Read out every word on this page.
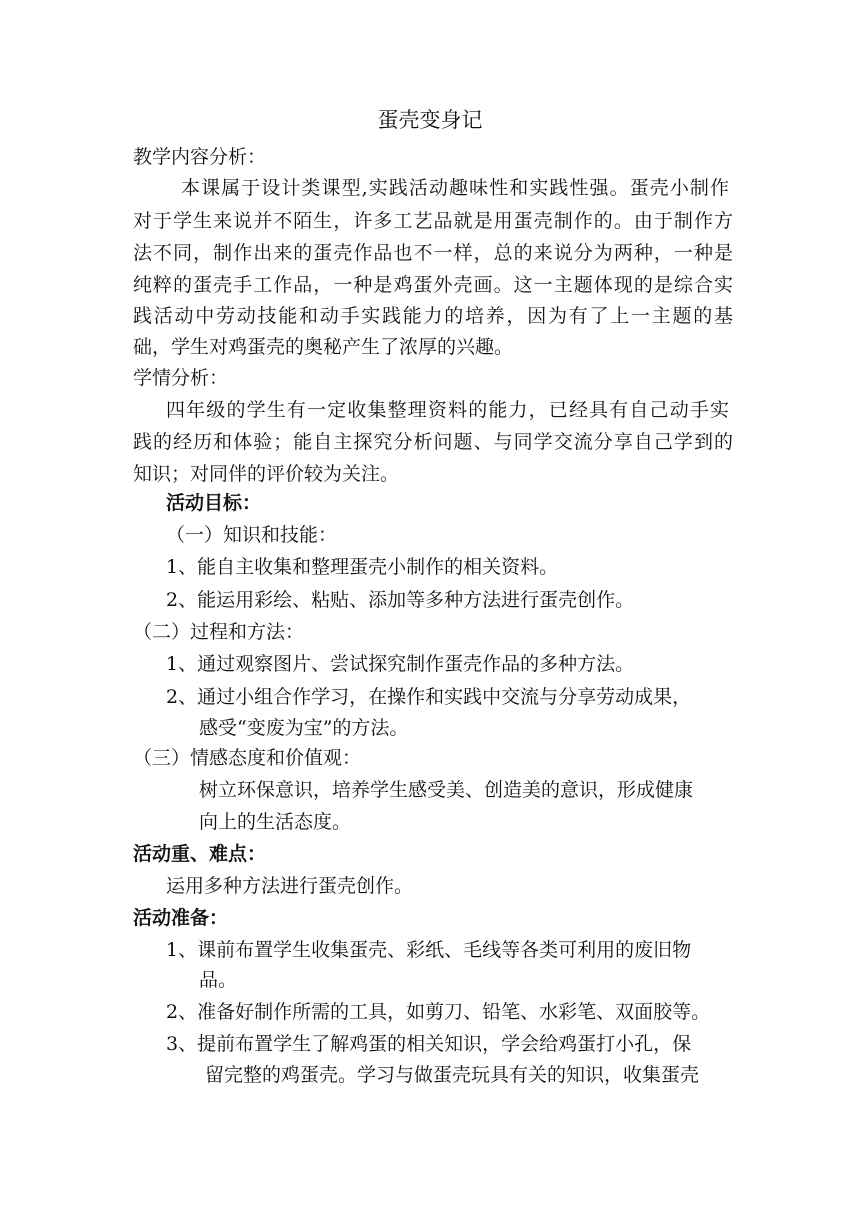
蛋壳变身记
教学内容分析：
本课属于设计类课型,实践活动趣味性和实践性强。蛋壳小制作
对于学生来说并不陌生，许多工艺品就是用蛋壳制作的。由于制作方
法不同，制作出来的蛋壳作品也不一样，总的来说分为两种，一种是
纯粹的蛋壳手工作品，一种是鸡蛋外壳画。这一主题体现的是综合实
践活动中劳动技能和动手实践能力的培养，因为有了上一主题的基
础，学生对鸡蛋壳的奥秘产生了浓厚的兴趣。
学情分析：
四年级的学生有一定收集整理资料的能力，已经具有自己动手实
践的经历和体验；能自主探究分析问题、与同学交流分享自己学到的
知识；对同伴的评价较为关注。
活动目标：
（一）知识和技能：
1、能自主收集和整理蛋壳小制作的相关资料。
2、能运用彩绘、粘贴、添加等多种方法进行蛋壳创作。
（二）过程和方法：
1、通过观察图片、尝试探究制作蛋壳作品的多种方法。
2、通过小组合作学习，在操作和实践中交流与分享劳动成果，
感受“变废为宝”的方法。
（三）情感态度和价值观：
树立环保意识，培养学生感受美、创造美的意识，形成健康
向上的生活态度。
活动重、难点：
运用多种方法进行蛋壳创作。
活动准备：
1、课前布置学生收集蛋壳、彩纸、毛线等各类可利用的废旧物
品。
2、准备好制作所需的工具，如剪刀、铅笔、水彩笔、双面胶等。
3、提前布置学生了解鸡蛋的相关知识，学会给鸡蛋打小孔，保
留完整的鸡蛋壳。学习与做蛋壳玩具有关的知识，收集蛋壳
